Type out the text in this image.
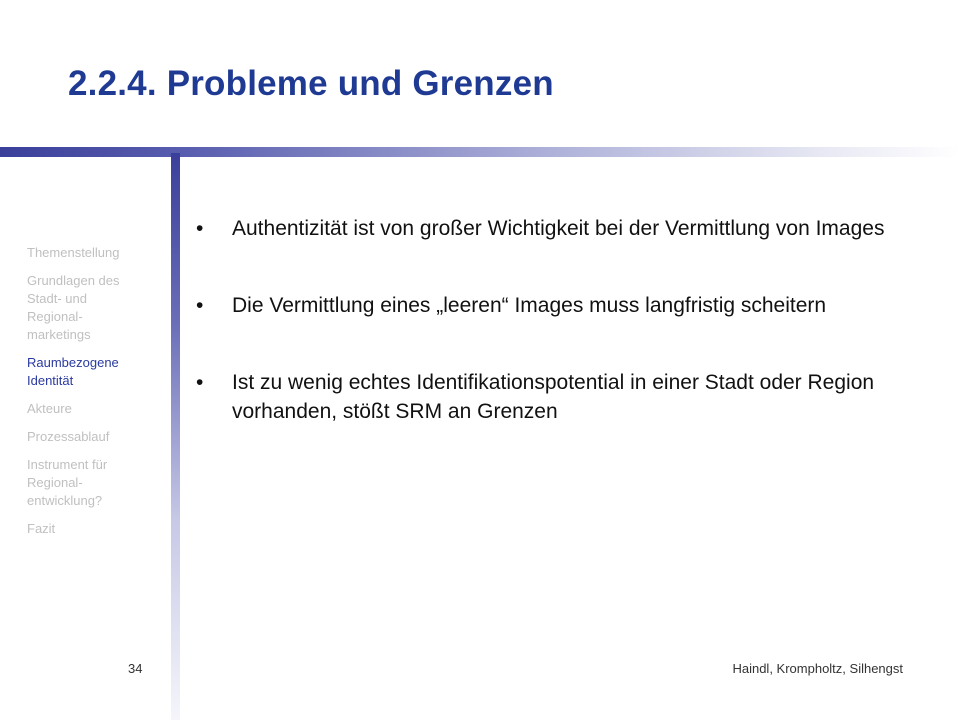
2.2.4. Probleme und Grenzen
Themenstellung
Grundlagen des
Stadt- und
Regional-
marketings
Raumbezogene
Identität
Akteure
Prozessablauf
Instrument für
Regional-
entwicklung?
Fazit
•	Authentizität ist von großer Wichtigkeit bei der Vermittlung von Images
•	Die Vermittlung eines „leeren“ Images muss langfristig scheitern
•	Ist zu wenig echtes Identifikationspotential in einer Stadt oder Region vorhanden, stößt SRM an Grenzen
34	Haindl, Krompholtz, Silhengst
